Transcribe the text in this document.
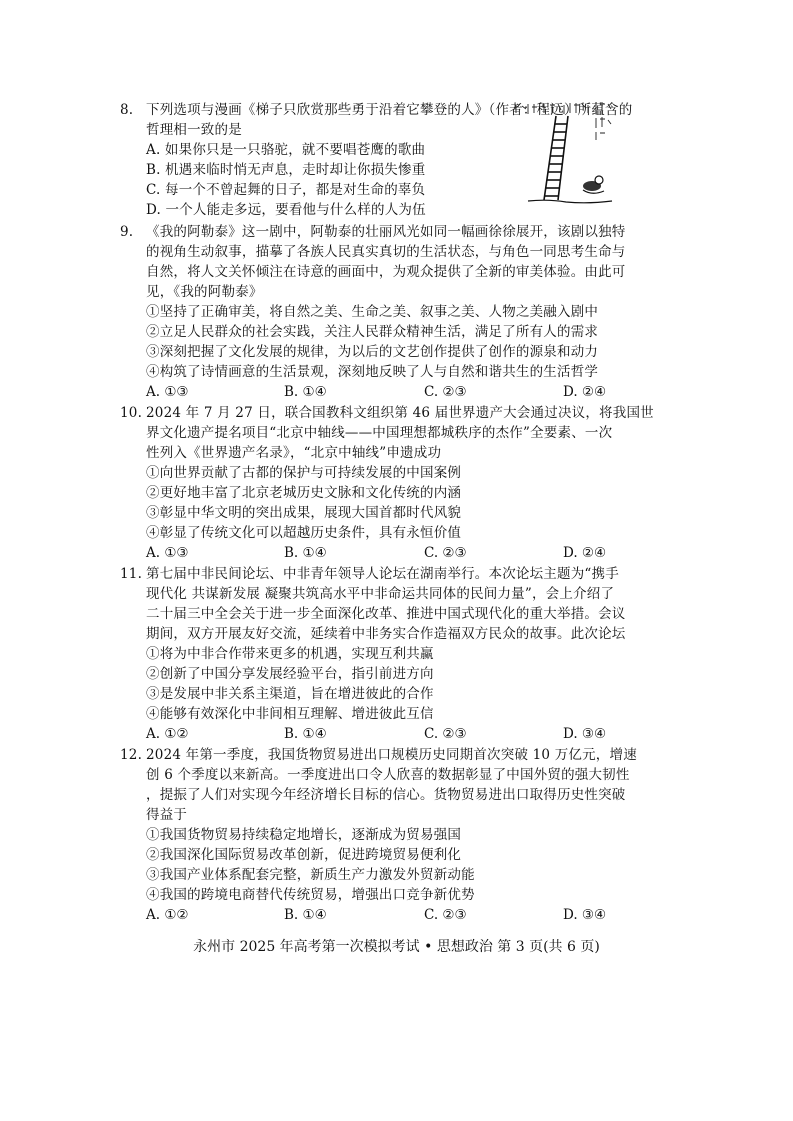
8. 下列选项与漫画《梯子只欣赏那些勇于沿着它攀登的人》（作者：程远）所蕴含的
哲理相一致的是
A. 如果你只是一只骆驼，就不要唱苍鹰的歌曲
B. 机遇来临时悄无声息，走时却让你损失惨重
C. 每一个不曾起舞的日子，都是对生命的辜负
D. 一个人能走多远，要看他与什么样的人为伍
9. 《我的阿勒泰》这一剧中，阿勒泰的壮丽风光如同一幅画徐徐展开，该剧以独特
的视角生动叙事，描摹了各族人民真实真切的生活状态，与角色一同思考生命与
自然，将人文关怀倾注在诗意的画面中，为观众提供了全新的审美体验。由此可
见，《我的阿勒泰》
①坚持了正确审美，将自然之美、生命之美、叙事之美、人物之美融入剧中
②立足人民群众的社会实践，关注人民群众精神生活，满足了所有人的需求
③深刻把握了文化发展的规律，为以后的文艺创作提供了创作的源泉和动力
④构筑了诗情画意的生活景观，深刻地反映了人与自然和谐共生的生活哲学
A. ①③	B. ①④	C. ②③	D. ②④
10. 2024 年 7 月 27 日，联合国教科文组织第 46 届世界遗产大会通过决议，将我国世
界文化遗产提名项目“北京中轴线——中国理想都城秩序的杰作”全要素、一次
性列入《世界遗产名录》，“北京中轴线”申遗成功
①向世界贡献了古都的保护与可持续发展的中国案例
②更好地丰富了北京老城历史文脉和文化传统的内涵
③彰显中华文明的突出成果，展现大国首都时代风貌
④彰显了传统文化可以超越历史条件，具有永恒价值
A. ①③	B. ①④	C. ②③	D. ②④
11. 第七届中非民间论坛、中非青年领导人论坛在湖南举行。本次论坛主题为“携手
现代化 共谋新发展 凝聚共筑高水平中非命运共同体的民间力量”，会上介绍了
二十届三中全会关于进一步全面深化改革、推进中国式现代化的重大举措。会议
期间，双方开展友好交流，延续着中非务实合作造福双方民众的故事。此次论坛
①将为中非合作带来更多的机遇，实现互利共赢
②创新了中国分享发展经验平台，指引前进方向
③是发展中非关系主渠道，旨在增进彼此的合作
④能够有效深化中非间相互理解、增进彼此互信
A. ①②	B. ①④	C. ②③	D. ③④
12. 2024 年第一季度，我国货物贸易进出口规模历史同期首次突破 10 万亿元，增速
创 6 个季度以来新高。一季度进出口令人欣喜的数据彰显了中国外贸的强大韧性
，提振了人们对实现今年经济增长目标的信心。货物贸易进出口取得历史性突破
得益于
①我国货物贸易持续稳定地增长，逐渐成为贸易强国
②我国深化国际贸易改革创新，促进跨境贸易便利化
③我国产业体系配套完整，新质生产力激发外贸新动能
④我国的跨境电商替代传统贸易，增强出口竞争新优势
A. ①②	B. ①④	C. ②③	D. ③④
永州市 2025 年高考第一次模拟考试 • 思想政治 第 3 页(共 6 页)
